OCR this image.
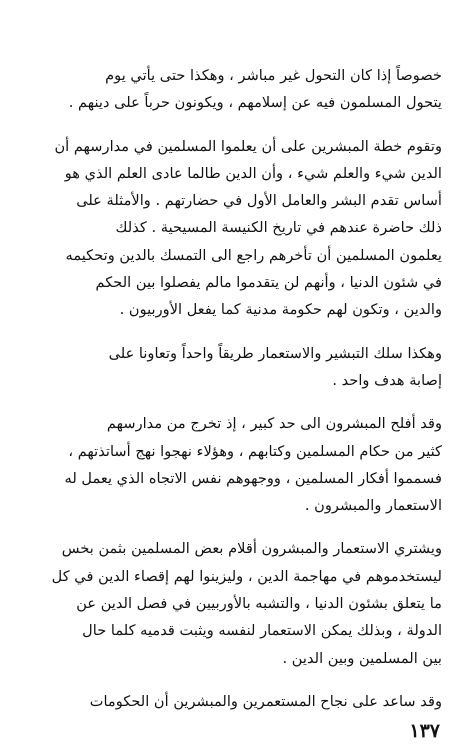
خصوصاً إذا كان التحول غير مباشر ، وهكذا حتى يأتي يوم
يتحول المسلمون فيه عن إسلامهم ، ويكونون حرباً على دينهم .
وتقوم خطة المبشرين على أن يعلموا المسلمين في مدارسهم أن
الدين شيء والعلم شيء ، وأن الدين طالما عادى العلم الذي هو
أساس تقدم البشر والعامل الأول في حضارتهم . والأمثلة على
ذلك حاضرة عندهم في تاريخ الكنيسة المسيحية . كذلك
يعلمون المسلمين أن تأخرهم راجع الى التمسك بالدين وتحكيمه
في شئون الدنيا ، وأنهم لن يتقدموا مالم يفصلوا بين الحكم
والدين ، وتكون لهم حكومة مدنية كما يفعل الأوربيون .
وهكذا سلك التبشير والاستعمار طريقاً واحداً وتعاونا على
إصابة هدف واحد .
وقد أفلح المبشرون الى حد كبير ، إذ تخرج من مدارسهم
كثير من حكام المسلمين وكتابهم ، وهؤلاء نهجوا نهج أساتذتهم ،
فسمموا أفكار المسلمين ، ووجهوهم نفس الاتجاه الذي يعمل له
الاستعمار والمبشرون .
ويشتري الاستعمار والمبشرون أقلام بعض المسلمين بثمن بخس
ليستخدموهم في مهاجمة الدين ، وليزينوا لهم إقصاء الدين في كل
ما يتعلق بشئون الدنيا ، والتشبه بالأوربيين في فصل الدين عن
الدولة ، وبذلك يمكن الاستعمار لنفسه ويثبت قدميه كلما حال
بين المسلمين وبين الدين .
وقد ساعد على نجاح المستعمرين والمبشرين أن الحكومات
١٣٧
